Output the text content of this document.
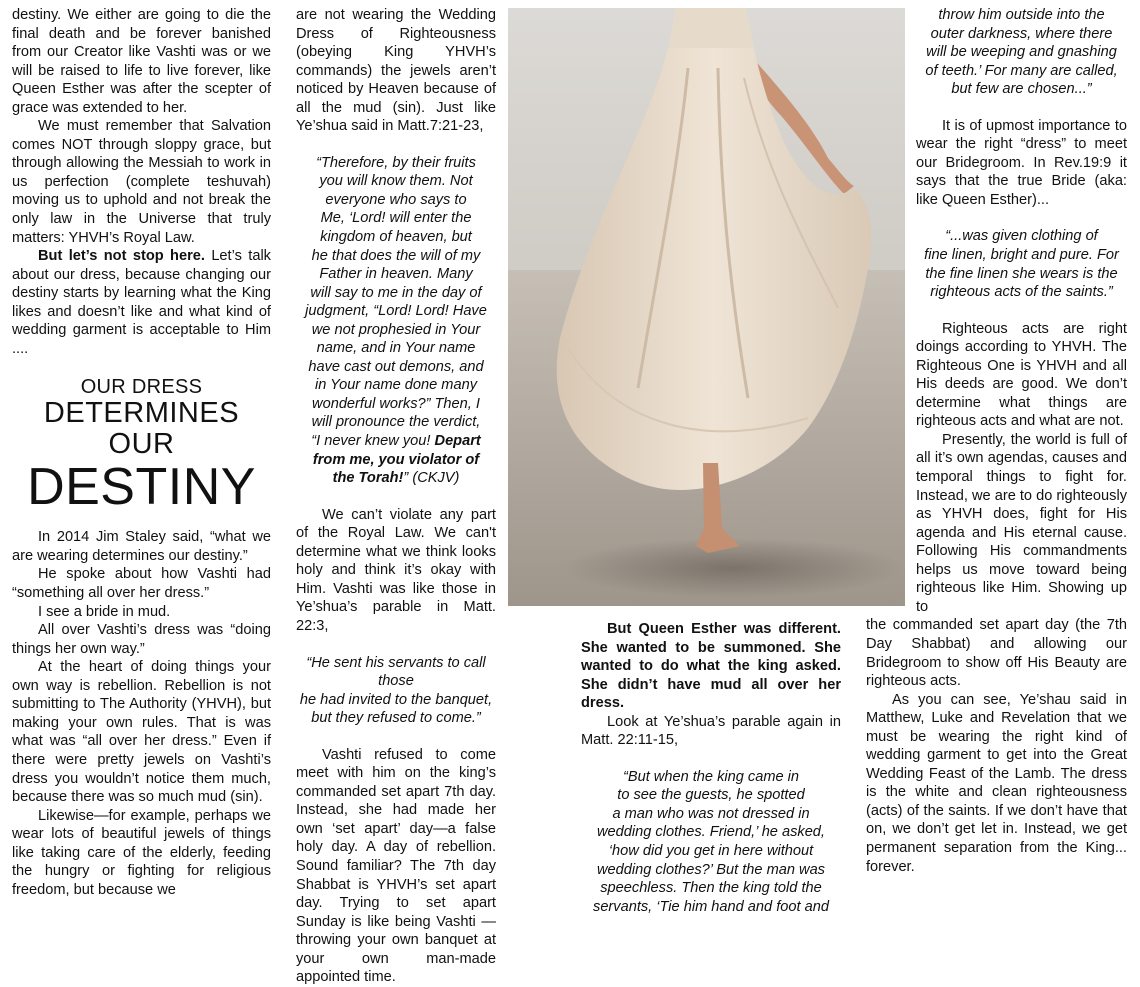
destiny. We either are going to die the final death and be forever banished from our Creator like Vashti was or we will be raised to life to live forever, like Queen Esther was after the scepter of grace was extended to her.

We must remember that Salvation comes NOT through sloppy grace, but through allowing the Messiah to work in us perfection (complete teshuvah) moving us to uphold and not break the only law in the Universe that truly matters: YHVH’s Royal Law.

But let’s not stop here. Let’s talk about our dress, because changing our destiny starts by learning what the King likes and doesn’t like and what kind of wedding garment is acceptable to Him ....

OUR DRESS
DETERMINES
OUR
DESTINY

In 2014 Jim Staley said, “what we are wearing determines our destiny.”

He spoke about how Vashti had “something all over her dress.”

I see a bride in mud.

All over Vashti’s dress was “doing things her own way.”

At the heart of doing things your own way is rebellion. Rebellion is not submitting to The Authority (YHVH), but making your own rules. That is was what was “all over her dress.” Even if there were pretty jewels on Vashti’s dress you wouldn’t notice them much, because there was so much mud (sin).

Likewise—for example, perhaps we wear lots of beautiful jewels of things like taking care of the elderly, feeding the hungry or fighting for religious freedom, but because we

are not wearing the Wedding Dress of Righteousness (obeying King YHVH’s commands) the jewels aren’t noticed by Heaven because of all the mud (sin). Just like Ye’shua said in Matt.7:21-23,

“Therefore, by their fruits
you will know them. Not
everyone who says to
Me, ‘Lord! will enter the
kingdom of heaven, but
he that does the will of my
Father in heaven. Many
will say to me in the day of
judgment, “Lord! Lord! Have
we not prophesied in Your
name, and in Your name
have cast out demons, and
in Your name done many
wonderful works?” Then, I
will pronounce the verdict,
“I never knew you! Depart
from me, you violator of
the Torah!” (CKJV)

We can’t violate any part of the Royal Law. We can't determine what we think looks holy and think it’s okay with Him. Vashti was like those in Ye’shua’s parable in Matt. 22:3,

“He sent his servants to call those
he had invited to the banquet,
but they refused to come.”

Vashti refused to come meet with him on the king’s commanded set apart 7th day. Instead, she had made her own ‘set apart’ day—a false holy day. A day of rebellion. Sound familiar? The 7th day Shabbat is YHVH’s set apart day. Trying to set apart Sunday is like being Vashti — throwing your own banquet at your own man-made appointed time.

But Queen Esther was different. She wanted to be summoned. She wanted to do what the king asked. She didn’t have mud all over her dress.

Look at Ye’shua’s parable again in Matt. 22:11-15,

“But when the king came in
to see the guests, he spotted
a man who was not dressed in
wedding clothes. Friend,’ he asked,
‘how did you get in here without
wedding clothes?’ But the man was
speechless. Then the king told the
servants, ‘Tie him hand and foot and
throw him outside into the
outer darkness, where there
will be weeping and gnashing
of teeth.’ For many are called,
but few are chosen...”

It is of upmost importance to wear the right “dress” to meet our Bridegroom. In Rev.19:9 it says that the true Bride (aka: like Queen Esther)...

“...was given clothing of
fine linen, bright and pure. For
the fine linen she wears is the
righteous acts of the saints.”

Righteous acts are right doings according to YHVH. The Righteous One is YHVH and all His deeds are good. We don’t determine what things are righteous acts and what are not.

Presently, the world is full of all it’s own agendas, causes and temporal things to fight for. Instead, we are to do righteously as YHVH does, fight for His agenda and His eternal cause. Following His commandments helps us move toward being righteous like Him. Showing up to

the commanded set apart day (the 7th Day Shabbat) and allowing our Bridegroom to show off His Beauty are righteous acts.

As you can see, Ye’shau said in Matthew, Luke and Revelation that we must be wearing the right kind of wedding garment to get into the Great Wedding Feast of the Lamb. The dress is the white and clean righteousness (acts) of the saints. If we don’t have that on, we don’t get let in. Instead, we get permanent separation from the King... forever.
